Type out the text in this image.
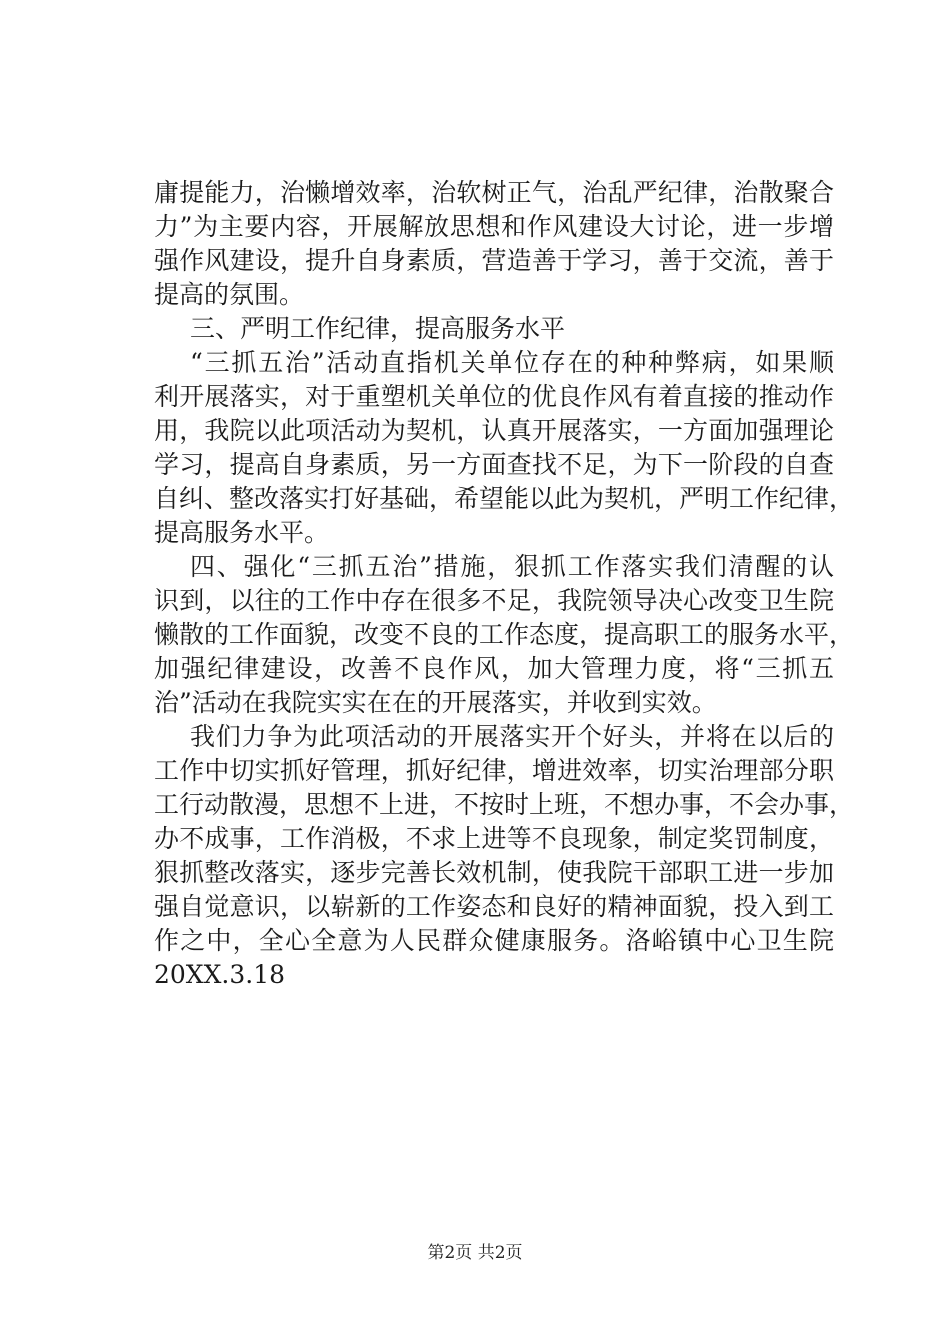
庸提能力，治懒增效率，治软树正气，治乱严纪律，治散聚合
力”为主要内容，开展解放思想和作风建设大讨论，进一步增
强作风建设，提升自身素质，营造善于学习，善于交流，善于
提高的氛围。
三、严明工作纪律，提高服务水平
“三抓五治”活动直指机关单位存在的种种弊病，如果顺
利开展落实，对于重塑机关单位的优良作风有着直接的推动作
用，我院以此项活动为契机，认真开展落实，一方面加强理论
学习，提高自身素质，另一方面查找不足，为下一阶段的自查
自纠、整改落实打好基础，希望能以此为契机，严明工作纪律，
提高服务水平。
四、强化“三抓五治”措施，狠抓工作落实我们清醒的认
识到，以往的工作中存在很多不足，我院领导决心改变卫生院
懒散的工作面貌，改变不良的工作态度，提高职工的服务水平，
加强纪律建设，改善不良作风，加大管理力度，将“三抓五
治”活动在我院实实在在的开展落实，并收到实效。
我们力争为此项活动的开展落实开个好头，并将在以后的
工作中切实抓好管理，抓好纪律，增进效率，切实治理部分职
工行动散漫，思想不上进，不按时上班，不想办事，不会办事，
办不成事，工作消极，不求上进等不良现象，制定奖罚制度，
狠抓整改落实，逐步完善长效机制，使我院干部职工进一步加
强自觉意识，以崭新的工作姿态和良好的精神面貌，投入到工
作之中，全心全意为人民群众健康服务。洛峪镇中心卫生院
20XX.3.18
第2页 共2页
